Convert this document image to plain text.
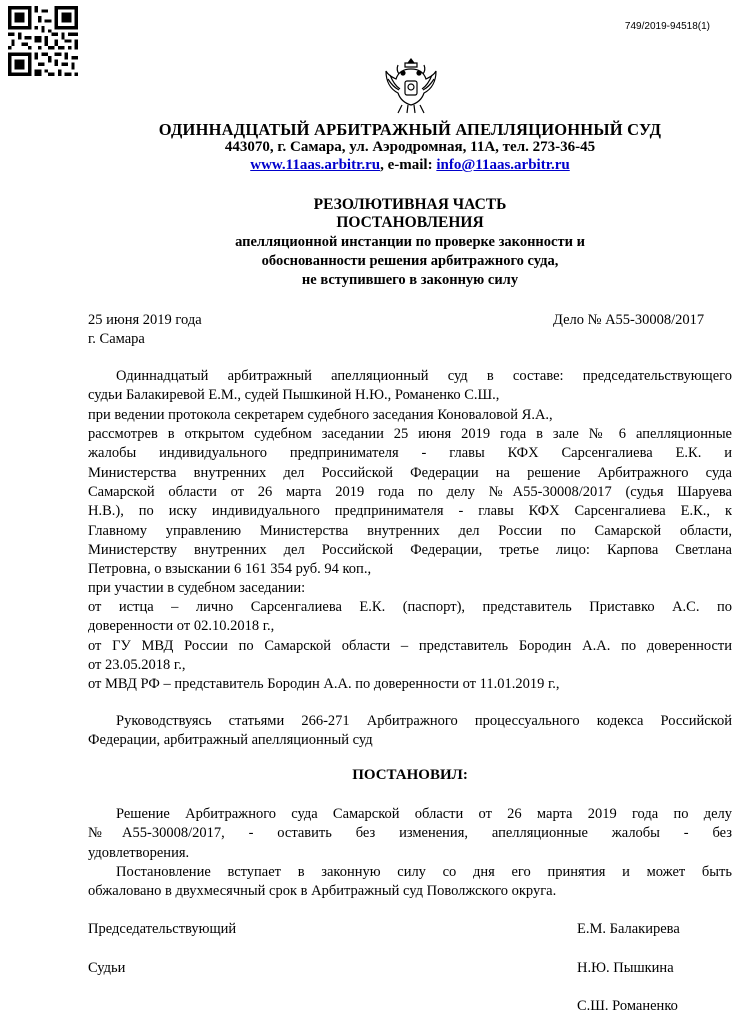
749/2019-94518(1)
ОДИННАДЦАТЫЙ АРБИТРАЖНЫЙ АПЕЛЛЯЦИОННЫЙ СУД
443070, г. Самара, ул. Аэродромная, 11А, тел. 273-36-45
www.11aas.arbitr.ru, e-mail: info@11aas.arbitr.ru
РЕЗОЛЮТИВНАЯ ЧАСТЬ
ПОСТАНОВЛЕНИЯ
апелляционной инстанции по проверке законности и
обоснованности решения арбитражного суда,
не вступившего в законную силу
25 июня 2019 года	Дело № А55-30008/2017
г. Самара
Одиннадцатый арбитражный апелляционный суд в составе: председательствующего
судьи Балакиревой Е.М., судей Пышкиной Н.Ю., Романенко С.Ш.,
при ведении протокола секретарем судебного заседания Коноваловой Я.А.,
рассмотрев в открытом судебном заседании 25 июня 2019 года в зале № 6 апелляционные
жалобы индивидуального предпринимателя - главы КФХ Сарсенгалиева Е.К. и
Министерства внутренних дел Российской Федерации на решение Арбитражного суда
Самарской области от 26 марта 2019 года по делу №А55-30008/2017 (судья Шаруева
Н.В.), по иску индивидуального предпринимателя - главы КФХ Сарсенгалиева Е.К., к
Главному управлению Министерства внутренних дел России по Самарской области,
Министерству внутренних дел Российской Федерации, третье лицо: Карпова Светлана
Петровна, о взыскании 6 161 354 руб. 94 коп.,
при участии в судебном заседании:
от истца – лично Сарсенгалиева Е.К. (паспорт), представитель Приставко А.С. по
доверенности от 02.10.2018 г.,
от ГУ МВД России по Самарской области – представитель Бородин А.А. по доверенности
от 23.05.2018 г.,
от МВД РФ – представитель Бородин А.А. по доверенности от 11.01.2019 г.,
Руководствуясь статьями 266-271 Арбитражного процессуального кодекса Российской
Федерации, арбитражный апелляционный суд
ПОСТАНОВИЛ:
Решение Арбитражного суда Самарской области от 26 марта 2019 года по делу
№А55-30008/2017, - оставить без изменения, апелляционные жалобы - без
удовлетворения.
Постановление вступает в законную силу со дня его принятия и может быть
обжаловано в двухмесячный срок в Арбитражный суд Поволжского округа.
Председательствующий	Е.М. Балакирева
Судьи	Н.Ю. Пышкина
С.Ш. Романенко
